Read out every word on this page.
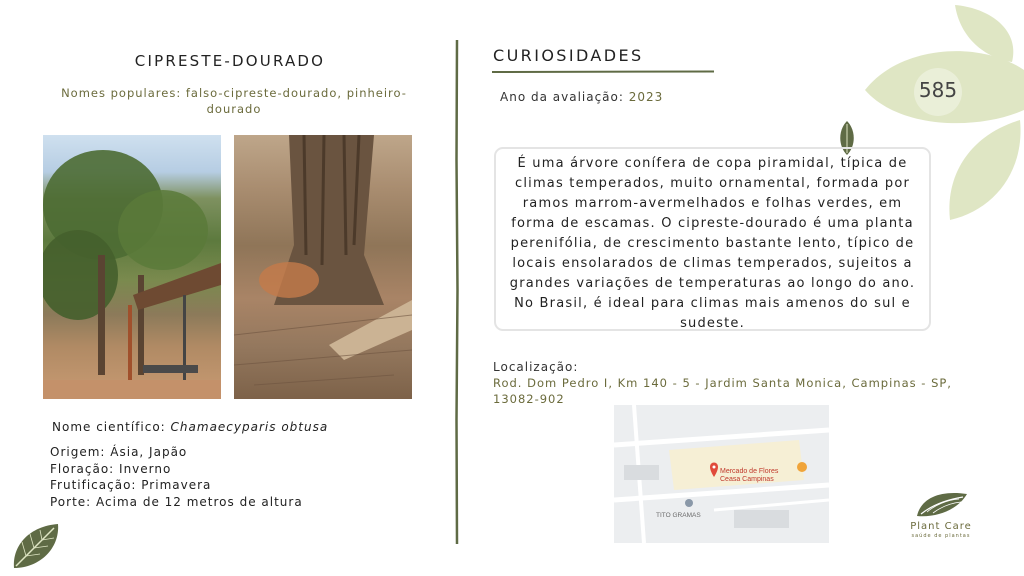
585
CIPRESTE-DOURADO
Nomes populares: falso-cipreste-dourado, pinheiro-dourado
Nome científico: Chamaecyparis obtusa
Origem: Ásia, Japão
Floração: Inverno
Frutificação: Primavera
Porte: Acima de 12 metros de altura
CURIOSIDADES
Ano da avaliação: 2023
É uma árvore conífera de copa piramidal, típica de climas temperados, muito ornamental, formada por ramos marrom-avermelhados e folhas verdes, em forma de escamas. O cipreste-dourado é uma planta perenifólia, de crescimento bastante lento, típico de locais ensolarados de climas temperados, sujeitos a grandes variações de temperaturas ao longo do ano. No Brasil, é ideal para climas mais amenos do sul e sudeste.
Localização:
Rod. Dom Pedro I, Km 140 - 5 - Jardim Santa Monica, Campinas - SP, 13082-902
Mercado de Flores
Ceasa Campinas
TITO GRAMAS
Plant Care
saúde de plantas
